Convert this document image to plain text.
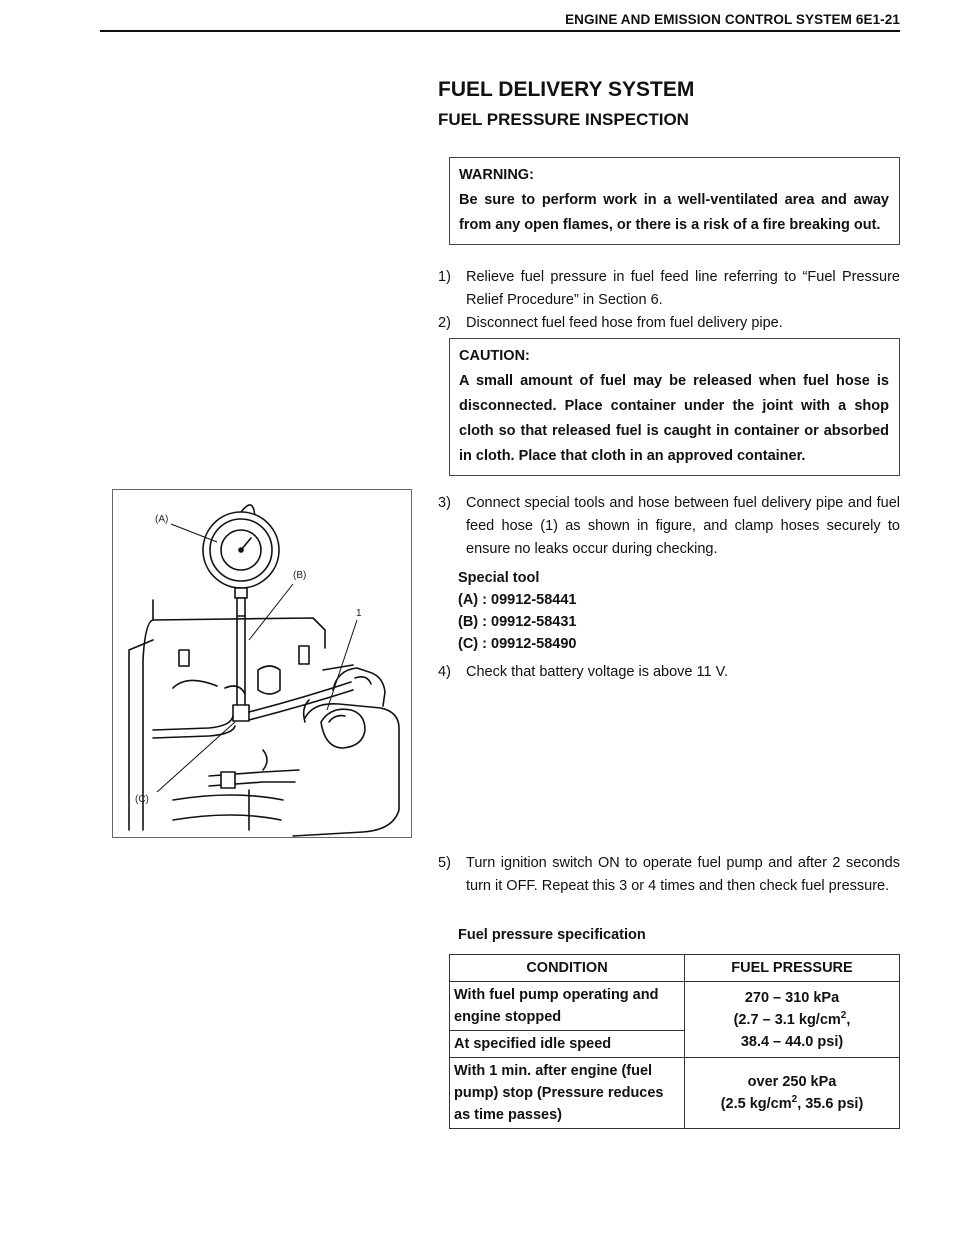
ENGINE AND EMISSION CONTROL SYSTEM 6E1-21
FUEL DELIVERY SYSTEM
FUEL PRESSURE INSPECTION
WARNING:
Be sure to perform work in a well-ventilated area and away from any open flames, or there is a risk of a fire breaking out.
1) Relieve fuel pressure in fuel feed line referring to “Fuel Pressure Relief Procedure” in Section 6.
2) Disconnect fuel feed hose from fuel delivery pipe.
CAUTION:
A small amount of fuel may be released when fuel hose is disconnected. Place container under the joint with a shop cloth so that released fuel is caught in container or absorbed in cloth. Place that cloth in an approved container.
(A)
(B)
1
(C)
3) Connect special tools and hose between fuel delivery pipe and fuel feed hose (1) as shown in figure, and clamp hoses securely to ensure no leaks occur during checking.
Special tool
(A) : 09912-58441
(B) : 09912-58431
(C) : 09912-58490
4) Check that battery voltage is above 11 V.
5) Turn ignition switch ON to operate fuel pump and after 2 seconds turn it OFF. Repeat this 3 or 4 times and then check fuel pressure.
Fuel pressure specification
CONDITION	FUEL PRESSURE
With fuel pump operating and engine stopped	270 – 310 kPa
(2.7 – 3.1 $kg/cm^2$,
38.4 – 44.0 psi)

At specified idle speed	
With 1 min. after engine (fuel pump) stop (Pressure reduces as time passes)	over 250 kPa
(2.5 $kg/cm^2$, 35.6 psi)
